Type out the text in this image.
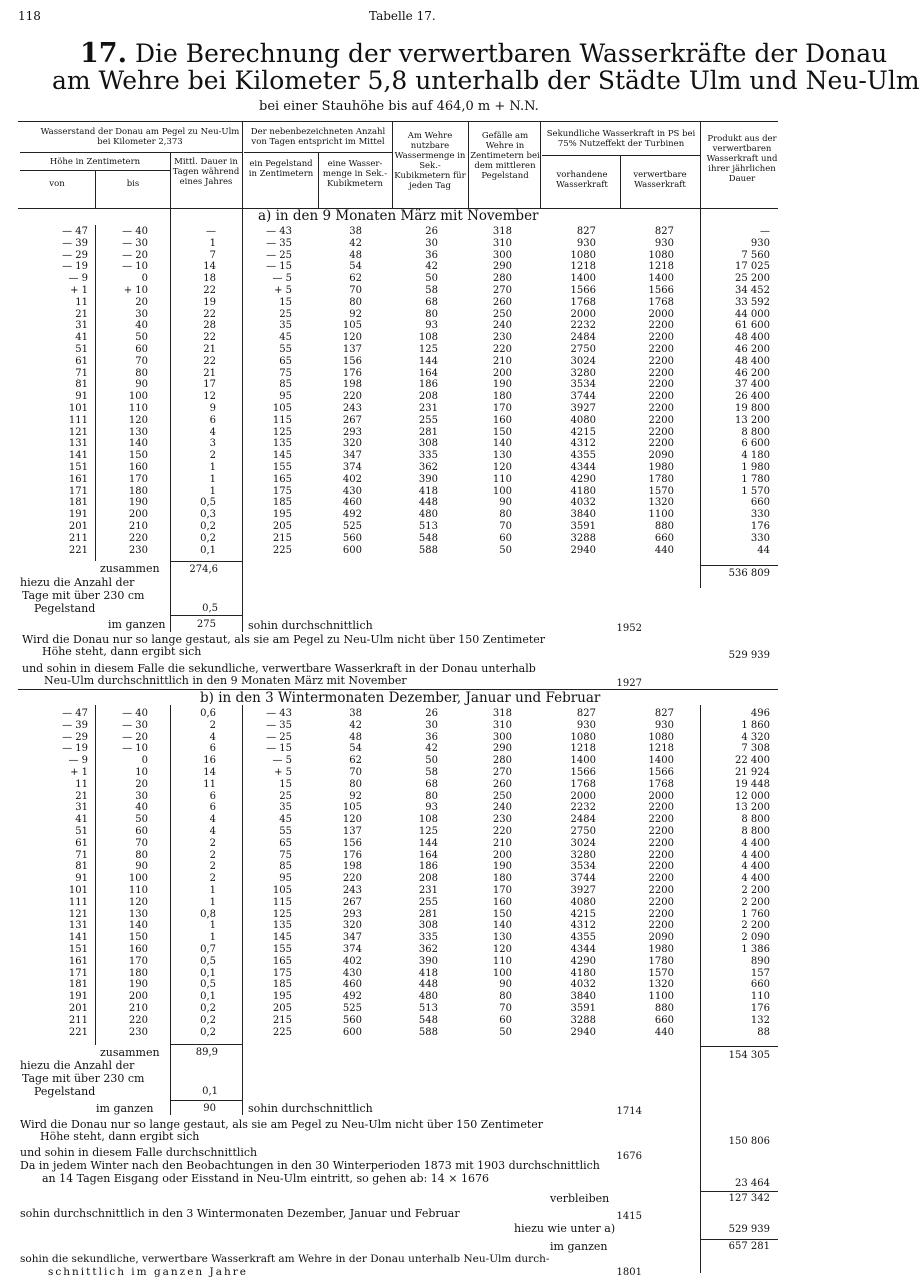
118	Tabelle 17.
17. Die Berechnung der verwertbaren Wasserkräfte der Donau
am Wehre bei Kilometer 5,8 unterhalb der Städte Ulm und Neu-Ulm
bei einer Stauhöhe bis auf 464,0 m + N.N.
Wasserstand der Donau am Pegel zu Neu-Ulm bei Kilometer 2,373
Höhe in Zentimetern
von	bis
Mittl. Dauer in Tagen während eines Jahres
Der nebenbezeichneten Anzahl von Tagen entspricht im Mittel
ein Pegelstand in Zentimetern
eine Wasser-menge in Sek.-Kubikmetern
Am Wehre nutzbare Wassermenge in Sek.-Kubikmetern für jeden Tag
Gefälle am Wehre in Zentimetern bei dem mittleren Pegelstand
Sekundliche Wasserkraft in PS bei 75% Nutzeffekt der Turbinen
vorhandene Wasserkraft
verwertbare Wasserkraft
Produkt aus der verwertbaren Wasserkraft und ihrer jährlichen Dauer
a) in den 9 Monaten März mit November
— 47	— 40	—	— 43	38	26	318	827	827	—
— 39	— 30	1	— 35	42	30	310	930	930	930
— 29	— 20	7	— 25	48	36	300	1080	1080	7 560
— 19	— 10	14	— 15	54	42	290	1218	1218	17 025
— 9	0	18	— 5	62	50	280	1400	1400	25 200
+ 1	+ 10	22	+ 5	70	58	270	1566	1566	34 452
11	20	19	15	80	68	260	1768	1768	33 592
21	30	22	25	92	80	250	2000	2000	44 000
31	40	28	35	105	93	240	2232	2200	61 600
41	50	22	45	120	108	230	2484	2200	48 400
51	60	21	55	137	125	220	2750	2200	46 200
61	70	22	65	156	144	210	3024	2200	48 400
71	80	21	75	176	164	200	3280	2200	46 200
81	90	17	85	198	186	190	3534	2200	37 400
91	100	12	95	220	208	180	3744	2200	26 400
101	110	9	105	243	231	170	3927	2200	19 800
111	120	6	115	267	255	160	4080	2200	13 200
121	130	4	125	293	281	150	4215	2200	8 800
131	140	3	135	320	308	140	4312	2200	6 600
141	150	2	145	347	335	130	4355	2090	4 180
151	160	1	155	374	362	120	4344	1980	1 980
161	170	1	165	402	390	110	4290	1780	1 780
171	180	1	175	430	418	100	4180	1570	1 570
181	190	0,5	185	460	448	90	4032	1320	660
191	200	0,3	195	492	480	80	3840	1100	330
201	210	0,2	205	525	513	70	3591	880	176
211	220	0,2	215	560	548	60	3288	660	330
221	230	0,1	225	600	588	50	2940	440	44
zusammen	274,6	536 809
hiezu die Anzahl der
Tage mit über 230 cm
Pegelstand	0,5
im ganzen	275	sohin durchschnittlich	1952
Wird die Donau nur so lange gestaut, als sie am Pegel zu Neu-Ulm nicht über 150 Zentimeter
Höhe steht, dann ergibt sich	529 939
und sohin in diesem Falle die sekundliche, verwertbare Wasserkraft in der Donau unterhalb
Neu-Ulm durchschnittlich in den 9 Monaten März mit November	1927
b) in den 3 Wintermonaten Dezember, Januar und Februar
— 47	— 40	0,6	— 43	38	26	318	827	827	496
— 39	— 30	2	— 35	42	30	310	930	930	1 860
— 29	— 20	4	— 25	48	36	300	1080	1080	4 320
— 19	— 10	6	— 15	54	42	290	1218	1218	7 308
— 9	0	16	— 5	62	50	280	1400	1400	22 400
+ 1	10	14	+ 5	70	58	270	1566	1566	21 924
11	20	11	15	80	68	260	1768	1768	19 448
21	30	6	25	92	80	250	2000	2000	12 000
31	40	6	35	105	93	240	2232	2200	13 200
41	50	4	45	120	108	230	2484	2200	8 800
51	60	4	55	137	125	220	2750	2200	8 800
61	70	2	65	156	144	210	3024	2200	4 400
71	80	2	75	176	164	200	3280	2200	4 400
81	90	2	85	198	186	190	3534	2200	4 400
91	100	2	95	220	208	180	3744	2200	4 400
101	110	1	105	243	231	170	3927	2200	2 200
111	120	1	115	267	255	160	4080	2200	2 200
121	130	0,8	125	293	281	150	4215	2200	1 760
131	140	1	135	320	308	140	4312	2200	2 200
141	150	1	145	347	335	130	4355	2090	2 090
151	160	0,7	155	374	362	120	4344	1980	1 386
161	170	0,5	165	402	390	110	4290	1780	890
171	180	0,1	175	430	418	100	4180	1570	157
181	190	0,5	185	460	448	90	4032	1320	660
191	200	0,1	195	492	480	80	3840	1100	110
201	210	0,2	205	525	513	70	3591	880	176
211	220	0,2	215	560	548	60	3288	660	132
221	230	0,2	225	600	588	50	2940	440	88
zusammen	89,9	154 305
hiezu die Anzahl der
Tage mit über 230 cm
Pegelstand	0,1
im ganzen	90	sohin durchschnittlich	1714
Wird die Donau nur so lange gestaut, als sie am Pegel zu Neu-Ulm nicht über 150 Zentimeter
Höhe steht, dann ergibt sich	150 806
und sohin in diesem Falle durchschnittlich	1676
Da in jedem Winter nach den Beobachtungen in den 30 Winterperioden 1873 mit 1903 durchschnittlich
an 14 Tagen Eisgang oder Eisstand in Neu-Ulm eintritt, so gehen ab: 14 × 1676	23 464
verbleiben	127 342
sohin durchschnittlich in den 3 Wintermonaten Dezember, Januar und Februar	1415
hiezu wie unter a)	529 939
im ganzen	657 281
sohin die sekundliche, verwertbare Wasserkraft am Wehre in der Donau unterhalb Neu-Ulm durch-
schnittlich im ganzen Jahre	1801
